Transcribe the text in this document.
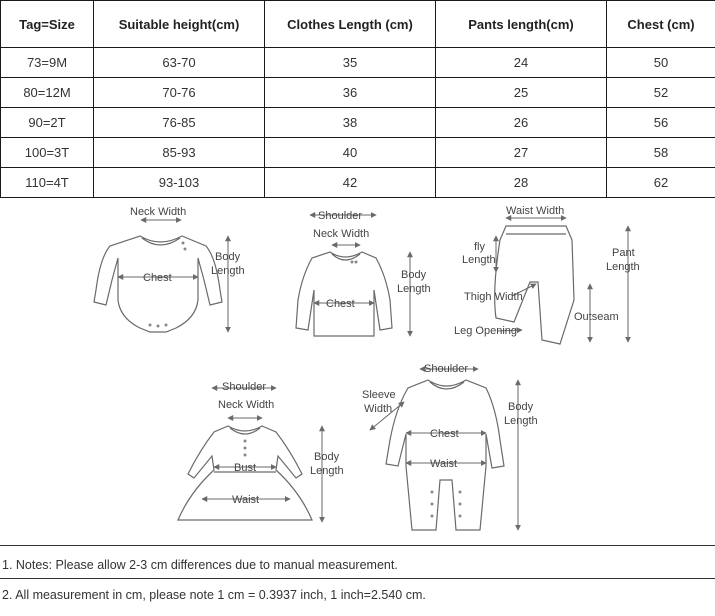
Tag=Size	Suitable height(cm)	Clothes Length (cm)	Pants length(cm)	Chest (cm)
73=9M	63-70	35	24	50
80=12M	70-76	36	25	52
90=2T	76-85	38	26	56
100=3T	85-93	40	27	58
110=4T	93-103	42	28	62
Neck Width
Chest
Body
Length
Shoulder
Neck Width
Chest
Body
Length
Waist Width
fly
Length
Pant
Length
Thigh Width
Outseam
Leg Opening
Shoulder
Neck Width
Bust
Waist
Body
Length
Shoulder
Sleeve
Width
Chest
Waist
Body
Length
1. Notes: Please allow 2-3 cm differences due to manual measurement.
2. All measurement in cm, please note 1 cm = 0.3937 inch, 1 inch=2.540 cm.
